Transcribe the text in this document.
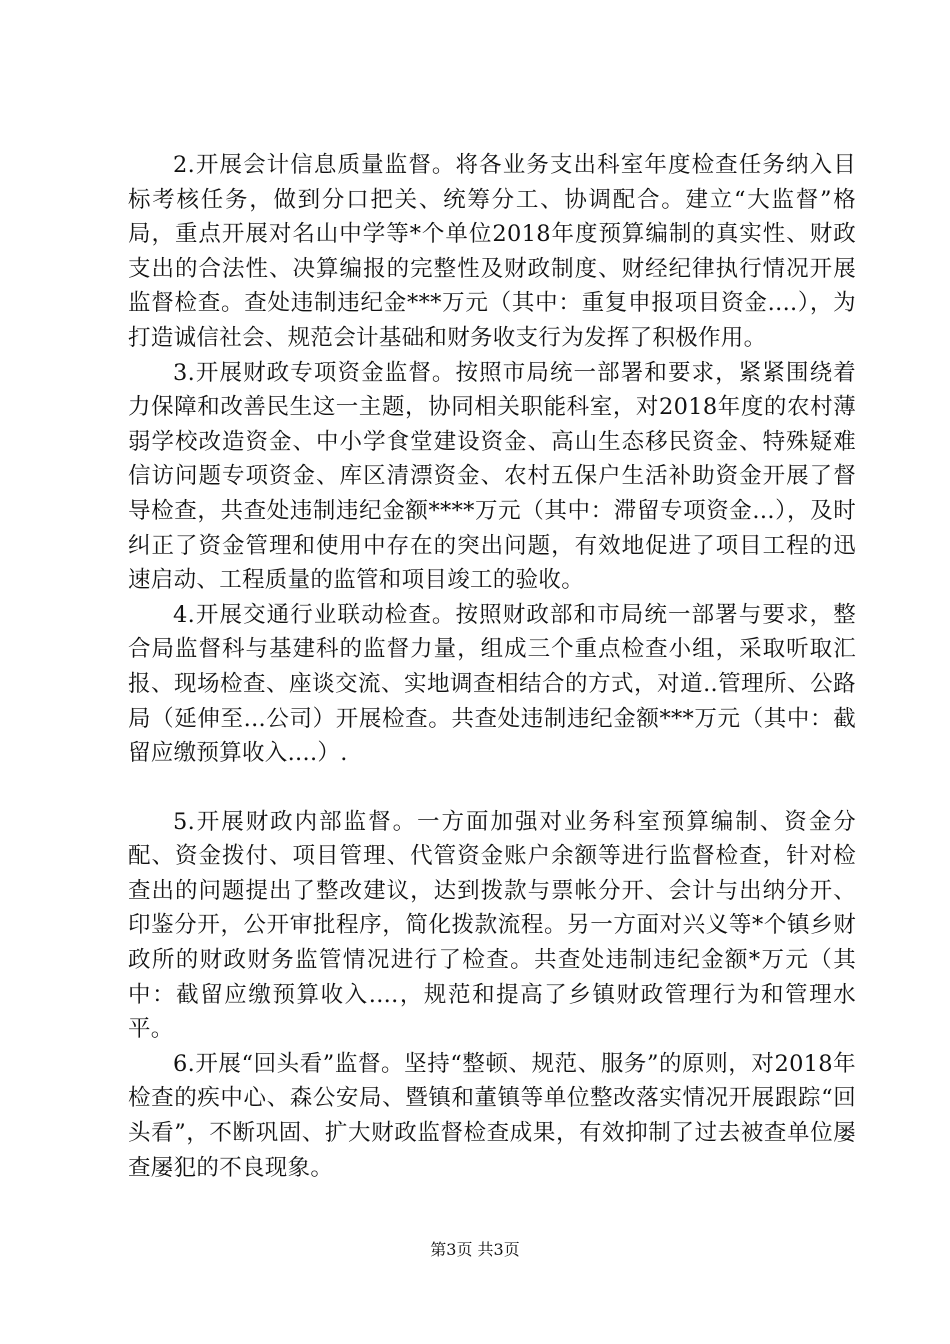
2.开展会计信息质量监督。将各业务支出科室年度检查任务纳入目标考核任务，做到分口把关、统筹分工、协调配合。建立“大监督”格局，重点开展对名山中学等*个单位2018年度预算编制的真实性、财政支出的合法性、决算编报的完整性及财政制度、财经纪律执行情况开展监督检查。查处违制违纪金***万元（其中：重复申报项目资金....），为打造诚信社会、规范会计基础和财务收支行为发挥了积极作用。

3.开展财政专项资金监督。按照市局统一部署和要求，紧紧围绕着力保障和改善民生这一主题，协同相关职能科室，对2018年度的农村薄弱学校改造资金、中小学食堂建设资金、高山生态移民资金、特殊疑难信访问题专项资金、库区清漂资金、农村五保户生活补助资金开展了督导检查，共查处违制违纪金额****万元（其中：滞留专项资金...），及时纠正了资金管理和使用中存在的突出问题，有效地促进了项目工程的迅速启动、工程质量的监管和项目竣工的验收。

4.开展交通行业联动检查。按照财政部和市局统一部署与要求，整合局监督科与基建科的监督力量，组成三个重点检查小组，采取听取汇报、现场检查、座谈交流、实地调查相结合的方式，对道..管理所、公路局（延伸至...公司）开展检查。共查处违制违纪金额***万元（其中：截留应缴预算收入....）.

5.开展财政内部监督。一方面加强对业务科室预算编制、资金分配、资金拨付、项目管理、代管资金账户余额等进行监督检查，针对检查出的问题提出了整改建议，达到拨款与票帐分开、会计与出纳分开、印鉴分开，公开审批程序，简化拨款流程。另一方面对兴义等*个镇乡财政所的财政财务监管情况进行了检查。共查处违制违纪金额*万元（其中：截留应缴预算收入....，规范和提高了乡镇财政管理行为和管理水平。

6.开展“回头看”监督。坚持“整顿、规范、服务”的原则，对2018年检查的疾中心、森公安局、暨镇和董镇等单位整改落实情况开展跟踪“回头看”，不断巩固、扩大财政监督检查成果，有效抑制了过去被查单位屡查屡犯的不良现象。

第3页 共3页
